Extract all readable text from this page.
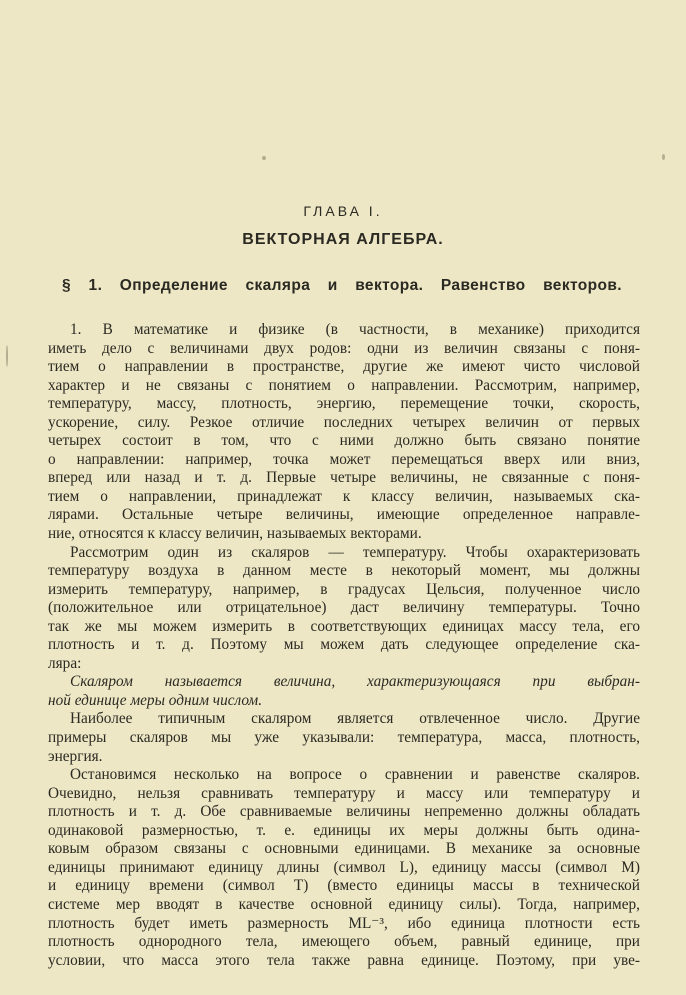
ГЛАВА I.
ВЕКТОРНАЯ АЛГЕБРА.
§ 1. Определение скаляра и вектора. Равенство векторов.
1. В математике и физике (в частности, в механике) приходится
иметь дело с величинами двух родов: одни из величин связаны с поня-
тием о направлении в пространстве, другие же имеют чисто числовой
характер и не связаны с понятием о направлении. Рассмотрим, например,
температуру, массу, плотность, энергию, перемещение точки, скорость,
ускорение, силу. Резкое отличие последних четырех величин от первых
четырех состоит в том, что с ними должно быть связано понятие
о направлении: например, точка может перемещаться вверх или вниз,
вперед или назад и т. д. Первые четыре величины, не связанные с поня-
тием о направлении, принадлежат к классу величин, называемых ска-
лярами. Остальные четыре величины, имеющие определенное направле-
ние, относятся к классу величин, называемых векторами.
Рассмотрим один из скаляров — температуру. Чтобы охарактеризовать
температуру воздуха в данном месте в некоторый момент, мы должны
измерить температуру, например, в градусах Цельсия, полученное число
(положительное или отрицательное) даст величину температуры. Точно
так же мы можем измерить в соответствующих единицах массу тела, его
плотность и т. д. Поэтому мы можем дать следующее определение ска-
ляра:
Скаляром называется величина, характеризующаяся при выбран-
ной единице меры одним числом.
Наиболее типичным скаляром является отвлеченное число. Другие
примеры скаляров мы уже указывали: температура, масса, плотность,
энергия.
Остановимся несколько на вопросе о сравнении и равенстве скаляров.
Очевидно, нельзя сравнивать температуру и массу или температуру и
плотность и т. д. Обе сравниваемые величины непременно должны обладать
одинаковой размерностью, т. е. единицы их меры должны быть одина-
ковым образом связаны с основными единицами. В механике за основные
единицы принимают единицу длины (символ L), единицу массы (символ M)
и единицу времени (символ T) (вместо единицы массы в технической
системе мер вводят в качестве основной единицу силы). Тогда, например,
плотность будет иметь размерность ML⁻³, ибо единица плотности есть
плотность однородного тела, имеющего объем, равный единице, при
условии, что масса этого тела также равна единице. Поэтому, при уве-
